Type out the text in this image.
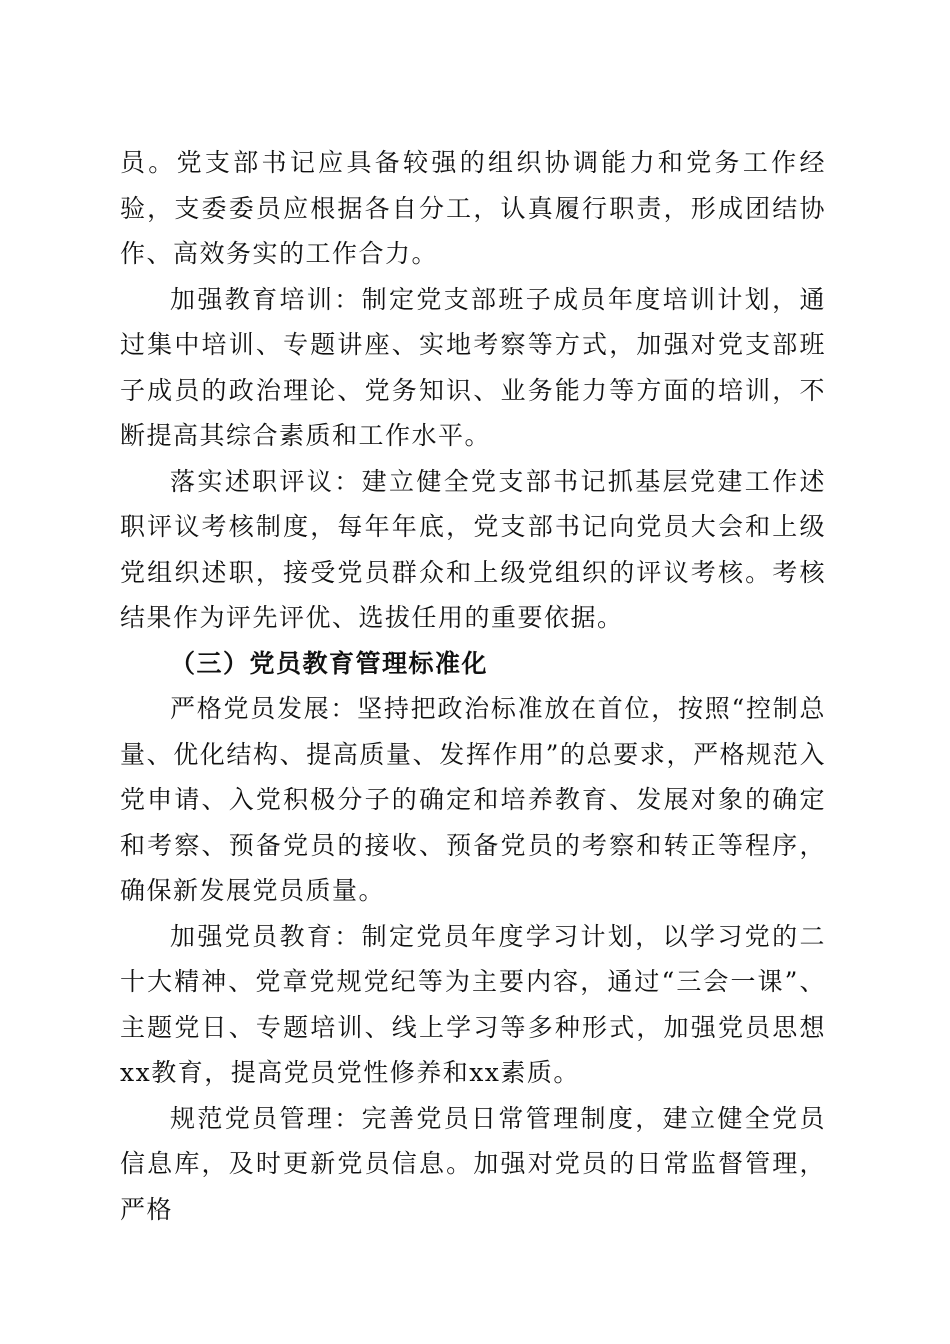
员。党支部书记应具备较强的组织协调能力和党务工作经验，支委委员应根据各自分工，认真履行职责，形成团结协作、高效务实的工作合力。

加强教育培训：制定党支部班子成员年度培训计划，通过集中培训、专题讲座、实地考察等方式，加强对党支部班子成员的政治理论、党务知识、业务能力等方面的培训，不断提高其综合素质和工作水平。

落实述职评议：建立健全党支部书记抓基层党建工作述职评议考核制度，每年年底，党支部书记向党员大会和上级党组织述职，接受党员群众和上级党组织的评议考核。考核结果作为评先评优、选拔任用的重要依据。

（三）党员教育管理标准化

严格党员发展：坚持把政治标准放在首位，按照“控制总量、优化结构、提高质量、发挥作用”的总要求，严格规范入党申请、入党积极分子的确定和培养教育、发展对象的确定和考察、预备党员的接收、预备党员的考察和转正等程序，确保新发展党员质量。

加强党员教育：制定党员年度学习计划，以学习党的二十大精神、党章党规党纪等为主要内容，通过“三会一课”、主题党日、专题培训、线上学习等多种形式，加强党员思想xx教育，提高党员党性修养和xx素质。

规范党员管理：完善党员日常管理制度，建立健全党员信息库，及时更新党员信息。加强对党员的日常监督管理，严格
